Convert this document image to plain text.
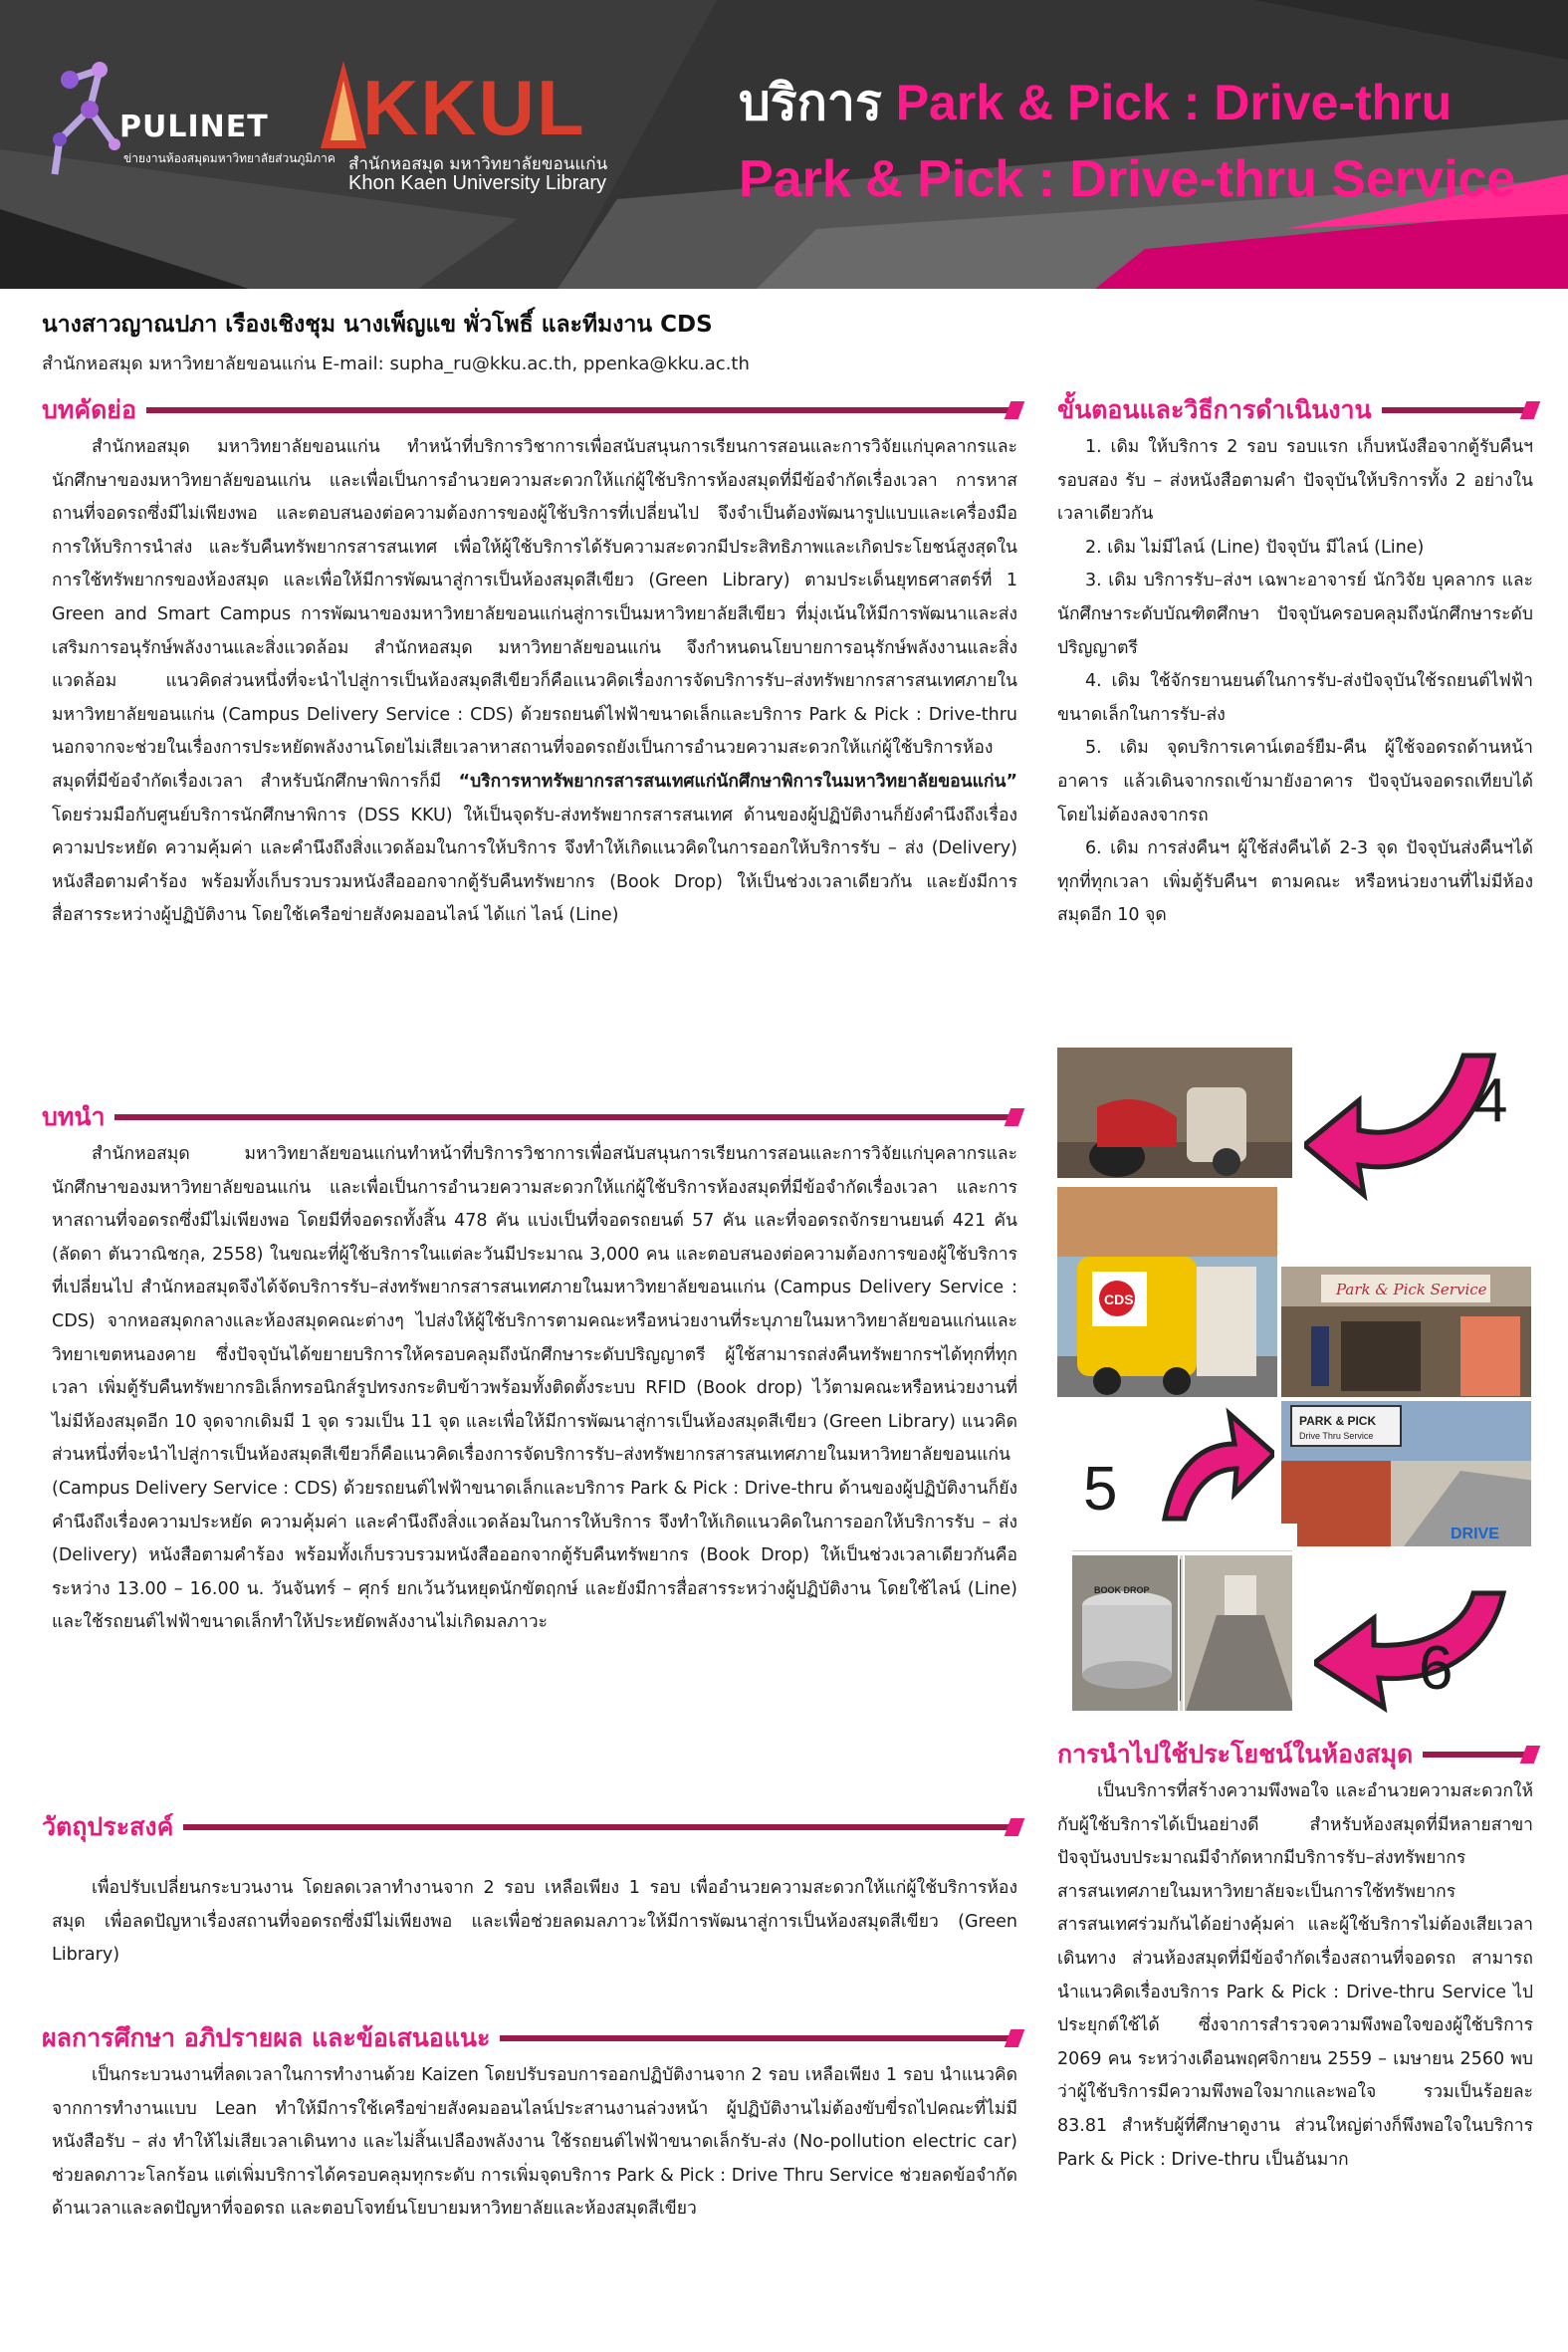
PULINET
ข่ายงานห้องสมุดมหาวิทยาลัยส่วนภูมิภาค
KKUL
สำนักหอสมุด มหาวิทยาลัยขอนแก่น
Khon Kaen University Library
บริการ Park & Pick : Drive-thru
Park & Pick : Drive-thru Service
นางสาวญาณปภา เรืองเชิงชุม นางเพ็ญแข พั่วโพธิ์ และทีมงาน CDS
สำนักหอสมุด มหาวิทยาลัยขอนแก่น E-mail: supha_ru@kku.ac.th, ppenka@kku.ac.th
บทคัดย่อ
สำนักหอสมุด มหาวิทยาลัยขอนแก่น ทำหน้าที่บริการวิชาการเพื่อสนับสนุนการเรียนการสอนและการวิจัยแก่บุคลากรและนักศึกษาของมหาวิทยาลัยขอนแก่น และเพื่อเป็นการอำนวยความสะดวกให้แก่ผู้ใช้บริการห้องสมุดที่มีข้อจำกัดเรื่องเวลา การหาสถานที่จอดรถซึ่งมีไม่เพียงพอ และตอบสนองต่อความต้องการของผู้ใช้บริการที่เปลี่ยนไป จึงจำเป็นต้องพัฒนารูปแบบและเครื่องมือการให้บริการนำส่ง และรับคืนทรัพยากรสารสนเทศ เพื่อให้ผู้ใช้บริการได้รับความสะดวกมีประสิทธิภาพและเกิดประโยชน์สูงสุดในการใช้ทรัพยากรของห้องสมุด และเพื่อให้มีการพัฒนาสู่การเป็นห้องสมุดสีเขียว (Green Library) ตามประเด็นยุทธศาสตร์ที่ 1 Green and Smart Campus การพัฒนาของมหาวิทยาลัยขอนแก่นสู่การเป็นมหาวิทยาลัยสีเขียว ที่มุ่งเน้นให้มีการพัฒนาและส่งเสริมการอนุรักษ์พลังงานและสิ่งแวดล้อม สำนักหอสมุด มหาวิทยาลัยขอนแก่น จึงกำหนดนโยบายการอนุรักษ์พลังงานและสิ่งแวดล้อม แนวคิดส่วนหนึ่งที่จะนำไปสู่การเป็นห้องสมุดสีเขียวก็คือแนวคิดเรื่องการจัดบริการรับ–ส่งทรัพยากรสารสนเทศภายในมหาวิทยาลัยขอนแก่น (Campus Delivery Service : CDS) ด้วยรถยนต์ไฟฟ้าขนาดเล็กและบริการ Park & Pick : Drive-thru นอกจากจะช่วยในเรื่องการประหยัดพลังงานโดยไม่เสียเวลาหาสถานที่จอดรถยังเป็นการอำนวยความสะดวกให้แก่ผู้ใช้บริการห้องสมุดที่มีข้อจำกัดเรื่องเวลา สำหรับนักศึกษาพิการก็มี “บริการหาทรัพยากรสารสนเทศแก่นักศึกษาพิการในมหาวิทยาลัยขอนแก่น” โดยร่วมมือกับศูนย์บริการนักศึกษาพิการ (DSS KKU) ให้เป็นจุดรับ-ส่งทรัพยากรสารสนเทศ ด้านของผู้ปฏิบัติงานก็ยังคำนึงถึงเรื่องความประหยัด ความคุ้มค่า และคำนึงถึงสิ่งแวดล้อมในการให้บริการ จึงทำให้เกิดแนวคิดในการออกให้บริการรับ – ส่ง (Delivery) หนังสือตามคำร้อง พร้อมทั้งเก็บรวบรวมหนังสือออกจากตู้รับคืนทรัพยากร (Book Drop) ให้เป็นช่วงเวลาเดียวกัน และยังมีการสื่อสารระหว่างผู้ปฏิบัติงาน โดยใช้เครือข่ายสังคมออนไลน์ ได้แก่ ไลน์ (Line)
บทนำ
สำนักหอสมุด มหาวิทยาลัยขอนแก่นทำหน้าที่บริการวิชาการเพื่อสนับสนุนการเรียนการสอนและการวิจัยแก่บุคลากรและนักศึกษาของมหาวิทยาลัยขอนแก่น และเพื่อเป็นการอำนวยความสะดวกให้แก่ผู้ใช้บริการห้องสมุดที่มีข้อจำกัดเรื่องเวลา และการหาสถานที่จอดรถซึ่งมีไม่เพียงพอ โดยมีที่จอดรถทั้งสิ้น 478 คัน แบ่งเป็นที่จอดรถยนต์ 57 คัน และที่จอดรถจักรยานยนต์ 421 คัน (ลัดดา ตันวาณิชกุล, 2558) ในขณะที่ผู้ใช้บริการในแต่ละวันมีประมาณ 3,000 คน และตอบสนองต่อความต้องการของผู้ใช้บริการที่เปลี่ยนไป สำนักหอสมุดจึงได้จัดบริการรับ–ส่งทรัพยากรสารสนเทศภายในมหาวิทยาลัยขอนแก่น (Campus Delivery Service : CDS) จากหอสมุดกลางและห้องสมุดคณะต่างๆ ไปส่งให้ผู้ใช้บริการตามคณะหรือหน่วยงานที่ระบุภายในมหาวิทยาลัยขอนแก่นและวิทยาเขตหนองคาย ซึ่งปัจจุบันได้ขยายบริการให้ครอบคลุมถึงนักศึกษาระดับปริญญาตรี ผู้ใช้สามารถส่งคืนทรัพยากรฯได้ทุกที่ทุกเวลา เพิ่มตู้รับคืนทรัพยากรอิเล็กทรอนิกส์รูปทรงกระติบข้าวพร้อมทั้งติดตั้งระบบ RFID (Book drop) ไว้ตามคณะหรือหน่วยงานที่ไม่มีห้องสมุดอีก 10 จุดจากเดิมมี 1 จุด รวมเป็น 11 จุด และเพื่อให้มีการพัฒนาสู่การเป็นห้องสมุดสีเขียว (Green Library) แนวคิดส่วนหนึ่งที่จะนำไปสู่การเป็นห้องสมุดสีเขียวก็คือแนวคิดเรื่องการจัดบริการรับ–ส่งทรัพยากรสารสนเทศภายในมหาวิทยาลัยขอนแก่น (Campus Delivery Service : CDS) ด้วยรถยนต์ไฟฟ้าขนาดเล็กและบริการ Park & Pick : Drive-thru ด้านของผู้ปฏิบัติงานก็ยังคำนึงถึงเรื่องความประหยัด ความคุ้มค่า และคำนึงถึงสิ่งแวดล้อมในการให้บริการ จึงทำให้เกิดแนวคิดในการออกให้บริการรับ – ส่ง (Delivery) หนังสือตามคำร้อง พร้อมทั้งเก็บรวบรวมหนังสือออกจากตู้รับคืนทรัพยากร (Book Drop) ให้เป็นช่วงเวลาเดียวกันคือระหว่าง 13.00 – 16.00 น. วันจันทร์ – ศุกร์ ยกเว้นวันหยุดนักขัตฤกษ์ และยังมีการสื่อสารระหว่างผู้ปฏิบัติงาน โดยใช้ไลน์ (Line) และใช้รถยนต์ไฟฟ้าขนาดเล็กทำให้ประหยัดพลังงานไม่เกิดมลภาวะ
วัตถุประสงค์
เพื่อปรับเปลี่ยนกระบวนงาน โดยลดเวลาทำงานจาก 2 รอบ เหลือเพียง 1 รอบ เพื่ออำนวยความสะดวกให้แก่ผู้ใช้บริการห้องสมุด เพื่อลดปัญหาเรื่องสถานที่จอดรถซึ่งมีไม่เพียงพอ และเพื่อช่วยลดมลภาวะให้มีการพัฒนาสู่การเป็นห้องสมุดสีเขียว (Green Library)
ผลการศึกษา อภิปรายผล และข้อเสนอแนะ
เป็นกระบวนงานที่ลดเวลาในการทำงานด้วย Kaizen โดยปรับรอบการออกปฏิบัติงานจาก 2 รอบ เหลือเพียง 1 รอบ นำแนวคิดจากการทำงานแบบ Lean ทำให้มีการใช้เครือข่ายสังคมออนไลน์ประสานงานล่วงหน้า ผู้ปฏิบัติงานไม่ต้องขับขี่รถไปคณะที่ไม่มีหนังสือรับ – ส่ง ทำให้ไม่เสียเวลาเดินทาง และไม่สิ้นเปลืองพลังงาน ใช้รถยนต์ไฟฟ้าขนาดเล็กรับ-ส่ง (No-pollution electric car) ช่วยลดภาวะโลกร้อน แต่เพิ่มบริการได้ครอบคลุมทุกระดับ การเพิ่มจุดบริการ Park & Pick : Drive Thru Service ช่วยลดข้อจำกัดด้านเวลาและลดปัญหาที่จอดรถ และตอบโจทย์นโยบายมหาวิทยาลัยและห้องสมุดสีเขียว
ขั้นตอนและวิธีการดำเนินงาน

1. เดิม ให้บริการ 2 รอบ รอบแรก เก็บหนังสือจากตู้รับคืนฯ รอบสอง รับ – ส่งหนังสือตามคำ ปัจจุบันให้บริการทั้ง 2 อย่างในเวลาเดียวกัน

2. เดิม ไม่มีไลน์ (Line) ปัจจุบัน มีไลน์ (Line)

3. เดิม บริการรับ–ส่งฯ เฉพาะอาจารย์ นักวิจัย บุคลากร และนักศึกษาระดับบัณฑิตศึกษา ปัจจุบันครอบคลุมถึงนักศึกษาระดับปริญญาตรี

4. เดิม ใช้จักรยานยนต์ในการรับ-ส่งปัจจุบันใช้รถยนต์ไฟฟ้าขนาดเล็กในการรับ-ส่ง

5. เดิม จุดบริการเคาน์เตอร์ยืม-คืน ผู้ใช้จอดรถด้านหน้าอาคาร แล้วเดินจากรถเข้ามายังอาคาร ปัจจุบันจอดรถเทียบได้ โดยไม่ต้องลงจากรถ

6. เดิม การส่งคืนฯ ผู้ใช้ส่งคืนได้ 2-3 จุด ปัจจุบันส่งคืนฯได้ทุกที่ทุกเวลา เพิ่มตู้รับคืนฯ ตามคณะ หรือหน่วยงานที่ไม่มีห้องสมุดอีก 10 จุด

4
CDS
5
Park & Pick Service
PARK & PICK
Drive Thru Service
DRIVE
6
BOOK DROP
การนำไปใช้ประโยชน์ในห้องสมุด
เป็นบริการที่สร้างความพึงพอใจ และอำนวยความสะดวกให้กับผู้ใช้บริการได้เป็นอย่างดี สำหรับห้องสมุดที่มีหลายสาขาปัจจุบันงบประมาณมีจำกัดหากมีบริการรับ–ส่งทรัพยากรสารสนเทศภายในมหาวิทยาลัยจะเป็นการใช้ทรัพยากรสารสนเทศร่วมกันได้อย่างคุ้มค่า และผู้ใช้บริการไม่ต้องเสียเวลาเดินทาง ส่วนห้องสมุดที่มีข้อจำกัดเรื่องสถานที่จอดรถ สามารถนำแนวคิดเรื่องบริการ Park & Pick : Drive-thru Service ไปประยุกต์ใช้ได้ ซึ่งจาการสำรวจความพึงพอใจของผู้ใช้บริการ 2069 คน ระหว่างเดือนพฤศจิกายน 2559 – เมษายน 2560 พบว่าผู้ใช้บริการมีความพึงพอใจมากและพอใจ รวมเป็นร้อยละ 83.81 สำหรับผู้ที่ศึกษาดูงาน ส่วนใหญ่ต่างก็พึงพอใจในบริการ Park & Pick : Drive-thru เป็นอันมาก
